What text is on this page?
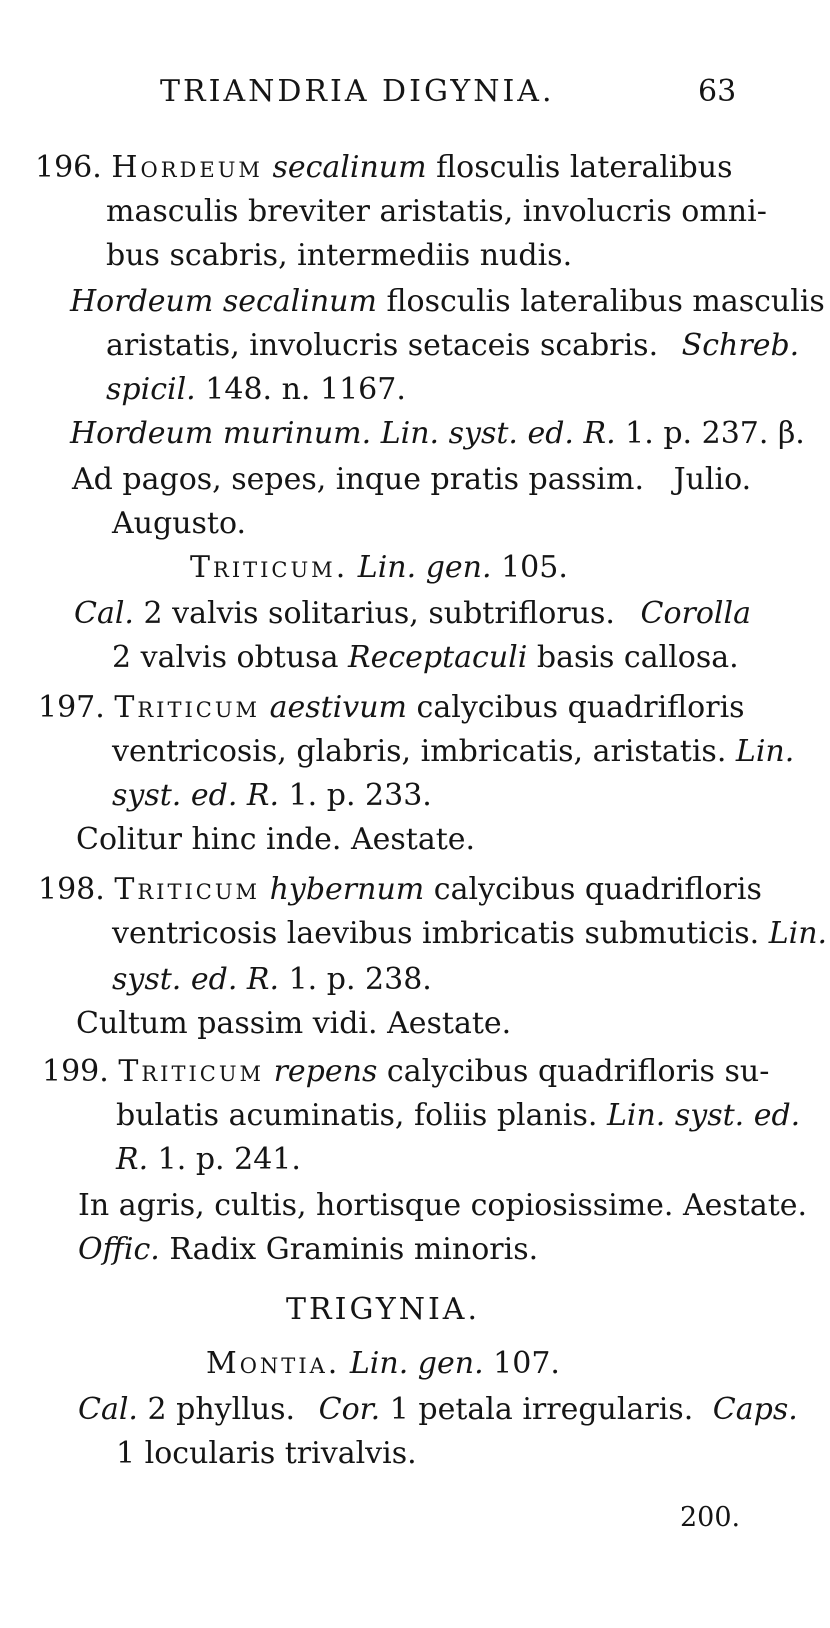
TRIANDRIA DIGYNIA.	63
196. Hordeum secalinum flosculis lateralibus
masculis breviter aristatis, involucris omni-
bus scabris, intermediis nudis.
Hordeum secalinum flosculis lateralibus masculis
aristatis, involucris setaceis scabris. Schreb.
spicil. 148. n. 1167.
Hordeum murinum. Lin. syst. ed. R. 1. p. 237. β.
Ad pagos, sepes, inque pratis passim. Julio.
Augusto.
Triticum. Lin. gen. 105.
Cal. 2 valvis solitarius, subtriflorus. Corolla
2 valvis obtusa Receptaculi basis callosa.
197. Triticum aestivum calycibus quadrifloris
ventricosis, glabris, imbricatis, aristatis. Lin.
syst. ed. R. 1. p. 233.
Colitur hinc inde. Aestate.
198. Triticum hybernum calycibus quadrifloris
ventricosis laevibus imbricatis submuticis. Lin.
syst. ed. R. 1. p. 238.
Cultum passim vidi. Aestate.
199. Triticum repens calycibus quadrifloris su-
bulatis acuminatis, foliis planis. Lin. syst. ed.
R. 1. p. 241.
In agris, cultis, hortisque copiosissime. Aestate.
Offic. Radix Graminis minoris.
TRIGYNIA.
Montia. Lin. gen. 107.
Cal. 2 phyllus. Cor. 1 petala irregularis. Caps.
1 locularis trivalvis.
200.
